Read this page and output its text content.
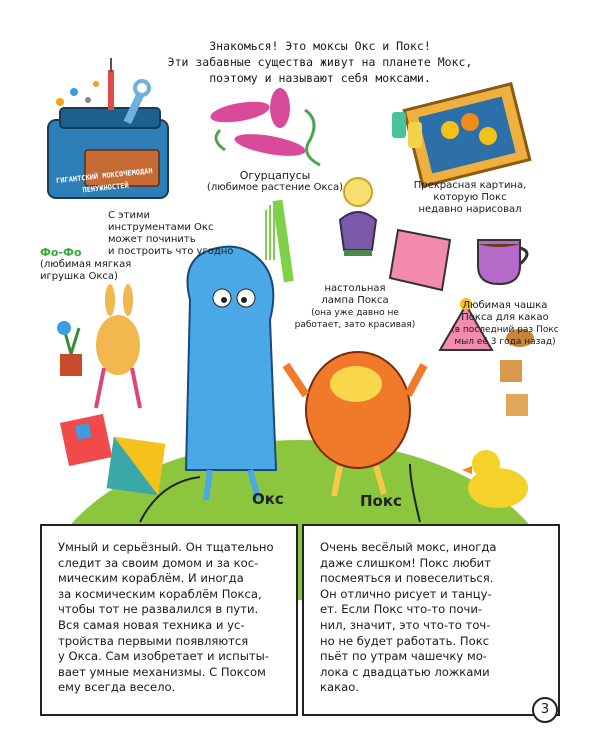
Знакомься! Это моксы Окс и Покс!
Эти забавные существа живут на планете Мокс,
поэтому и называют себя моксами.
ГИГАНТСКИЙ МОКСОЧЕМОДАН ПЕНУЖНОСТЕЙ
Огурцапусы
(любимое растение Окса)
С этими
инструментами Окс
может починить
и построить что угодно
Прекрасная картина,
которую Покс
недавно нарисовал
Фо-Фо
(любимая мягкая
игрушка Окса)
настольная
лампа Покса
(она уже давно не
работает, зато красивая)
Любимая чашка
Покса для какао
(в последний раз Покс
мыл её 3 года назад)
Окс	Покс
Умный и серьёзный. Он тщательно
следит за своим домом и за кос-
мическим кораблём. И иногда
за космическим кораблём Покса,
чтобы тот не развалился в пути.
Вся самая новая техника и ус-
тройства первыми появляются
у Окса. Сам изобретает и испыты-
вает умные механизмы. С Поксом
ему всегда весело.
Очень весёлый мокс, иногда
даже слишком! Покс любит
посмеяться и повеселиться.
Он отлично рисует и танцу-
ет. Если Покс что-то почи-
нил, значит, это что-то точ-
но не будет работать. Покс
пьёт по утрам чашечку мо-
лока с двадцатью ложками
какао.
3
